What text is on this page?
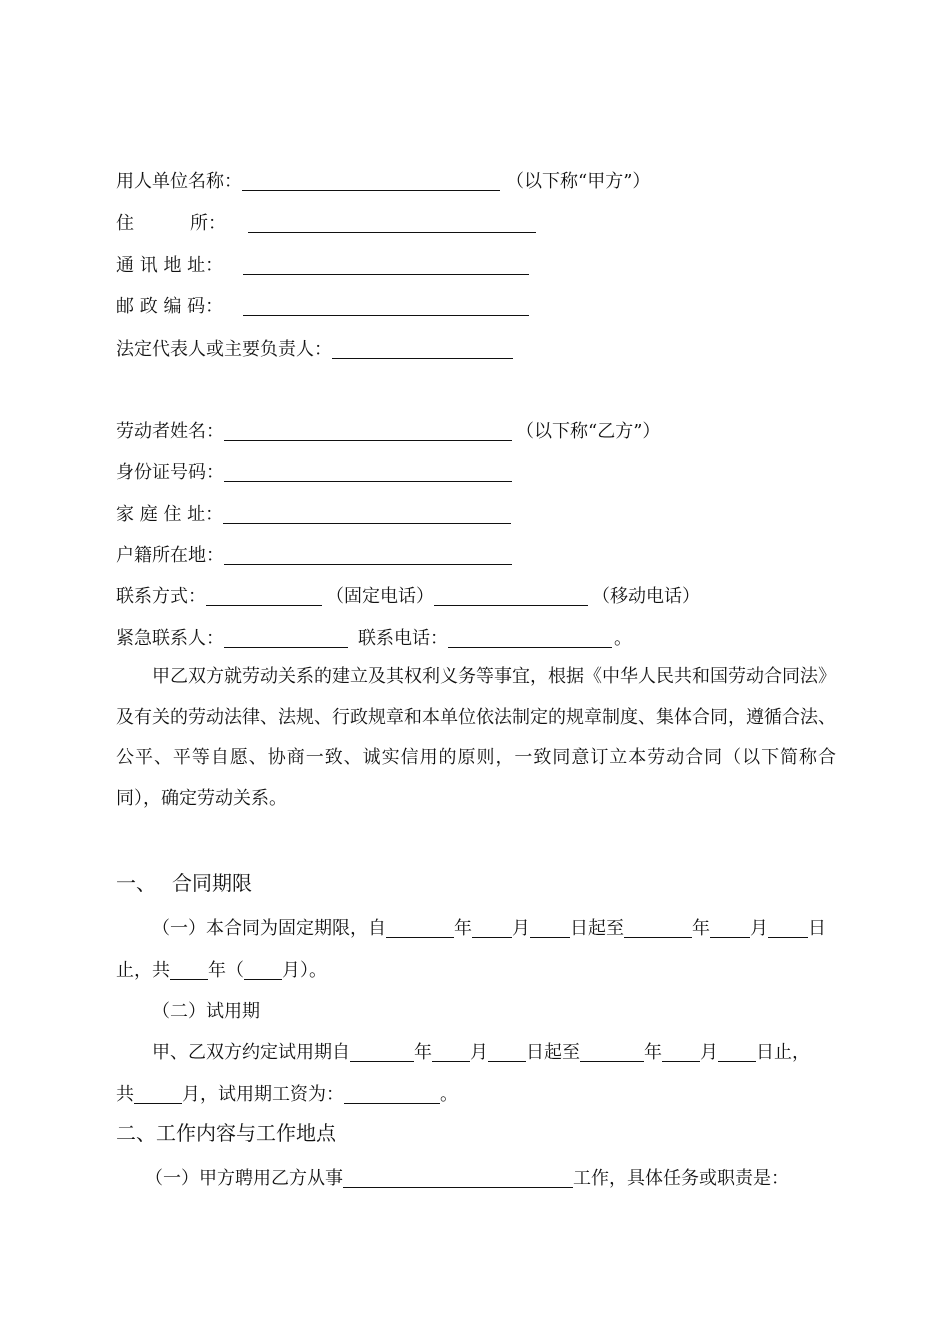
用人单位名称：	（以下称“甲方”）
住	所：
通 讯 地 址：
邮 政 编 码：
法定代表人或主要负责人：
劳动者姓名：	（以下称“乙方”）
身份证号码：
家 庭 住 址：
户籍所在地：
联系方式：	（固定电话）	（移动电话）
紧急联系人：	联系电话：	。
甲乙双方就劳动关系的建立及其权利义务等事宜，根据《中华人民共和国劳动合同法》及有关的劳动法律、法规、行政规章和本单位依法制定的规章制度、集体合同，遵循合法、公平、平等自愿、协商一致、诚实信用的原则，一致同意订立本劳动合同（以下简称合同），确定劳动关系。
一、 合同期限
（一）本合同为固定期限，自	年 月 日起至	年 月 日
止，共 年（ 月）。
（二）试用期
甲、乙双方约定试用期自	年 月 日起至	年 月 日止，
共	月，试用期工资为：	。
二、工作内容与工作地点
（一）甲方聘用乙方从事	工作，具体任务或职责是：
